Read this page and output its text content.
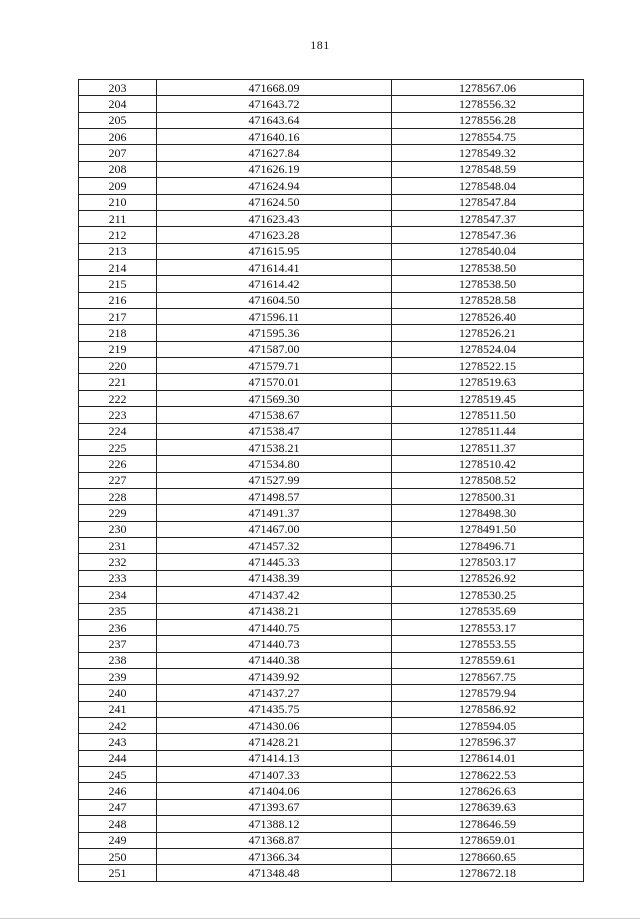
181
203	471668.09	1278567.06
204	471643.72	1278556.32
205	471643.64	1278556.28
206	471640.16	1278554.75
207	471627.84	1278549.32
208	471626.19	1278548.59
209	471624.94	1278548.04
210	471624.50	1278547.84
211	471623.43	1278547.37
212	471623.28	1278547.36
213	471615.95	1278540.04
214	471614.41	1278538.50
215	471614.42	1278538.50
216	471604.50	1278528.58
217	471596.11	1278526.40
218	471595.36	1278526.21
219	471587.00	1278524.04
220	471579.71	1278522.15
221	471570.01	1278519.63
222	471569.30	1278519.45
223	471538.67	1278511.50
224	471538.47	1278511.44
225	471538.21	1278511.37
226	471534.80	1278510.42
227	471527.99	1278508.52
228	471498.57	1278500.31
229	471491.37	1278498.30
230	471467.00	1278491.50
231	471457.32	1278496.71
232	471445.33	1278503.17
233	471438.39	1278526.92
234	471437.42	1278530.25
235	471438.21	1278535.69
236	471440.75	1278553.17
237	471440.73	1278553.55
238	471440.38	1278559.61
239	471439.92	1278567.75
240	471437.27	1278579.94
241	471435.75	1278586.92
242	471430.06	1278594.05
243	471428.21	1278596.37
244	471414.13	1278614.01
245	471407.33	1278622.53
246	471404.06	1278626.63
247	471393.67	1278639.63
248	471388.12	1278646.59
249	471368.87	1278659.01
250	471366.34	1278660.65
251	471348.48	1278672.18
